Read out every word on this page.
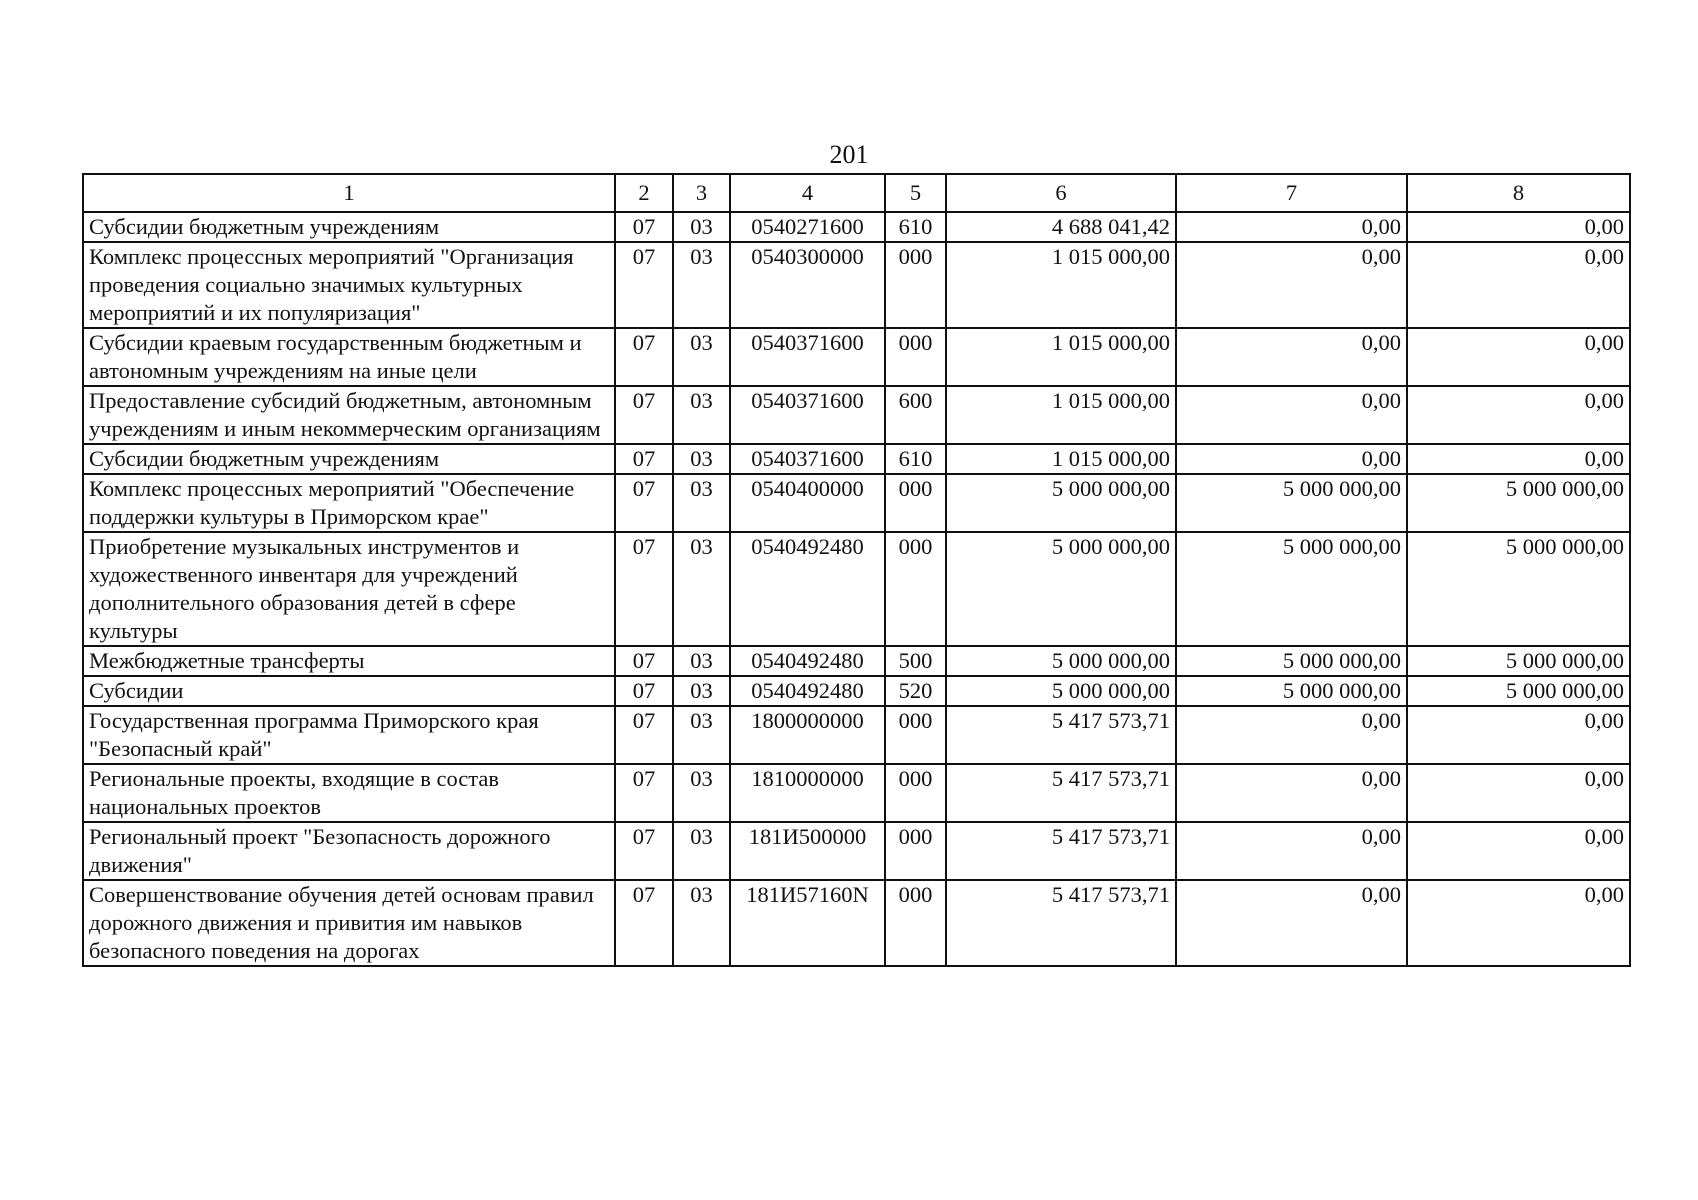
201
1	2	3	4	5	6	7	8
Субсидии бюджетным учреждениям	07	03	0540271600	610	4 688 041,42	0,00	0,00
Комплекс процессных мероприятий "Организация проведения социально значимых культурных мероприятий и их популяризация"	07	03	0540300000	000	1 015 000,00	0,00	0,00
Субсидии краевым государственным бюджетным и автономным учреждениям на иные цели	07	03	0540371600	000	1 015 000,00	0,00	0,00
Предоставление субсидий бюджетным, автономным учреждениям и иным некоммерческим организациям	07	03	0540371600	600	1 015 000,00	0,00	0,00
Субсидии бюджетным учреждениям	07	03	0540371600	610	1 015 000,00	0,00	0,00
Комплекс процессных мероприятий "Обеспечение поддержки культуры в Приморском крае"	07	03	0540400000	000	5 000 000,00	5 000 000,00	5 000 000,00
Приобретение музыкальных инструментов и художественного инвентаря для учреждений дополнительного образования детей в сфере культуры	07	03	0540492480	000	5 000 000,00	5 000 000,00	5 000 000,00
Межбюджетные трансферты	07	03	0540492480	500	5 000 000,00	5 000 000,00	5 000 000,00
Субсидии	07	03	0540492480	520	5 000 000,00	5 000 000,00	5 000 000,00
Государственная программа Приморского края "Безопасный край"	07	03	1800000000	000	5 417 573,71	0,00	0,00
Региональные проекты, входящие в состав национальных проектов	07	03	1810000000	000	5 417 573,71	0,00	0,00
Региональный проект "Безопасность дорожного движения"	07	03	181И500000	000	5 417 573,71	0,00	0,00
Совершенствование обучения детей основам правил дорожного движения и привития им навыков безопасного поведения на дорогах	07	03	181И57160N	000	5 417 573,71	0,00	0,00
